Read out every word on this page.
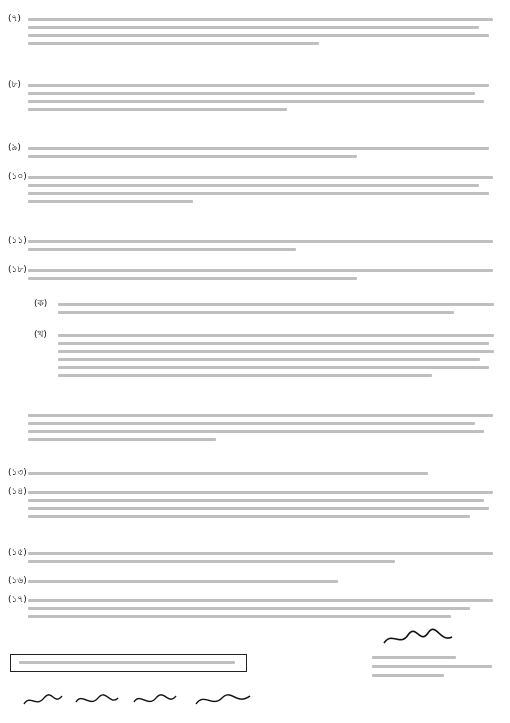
(৭)
(৮)
(৯)
(১০)
(১১)
(১৮)
(ক)
(খ)
(১৩)
(১৪)
(১৫)
(১৬)
(১৭)
